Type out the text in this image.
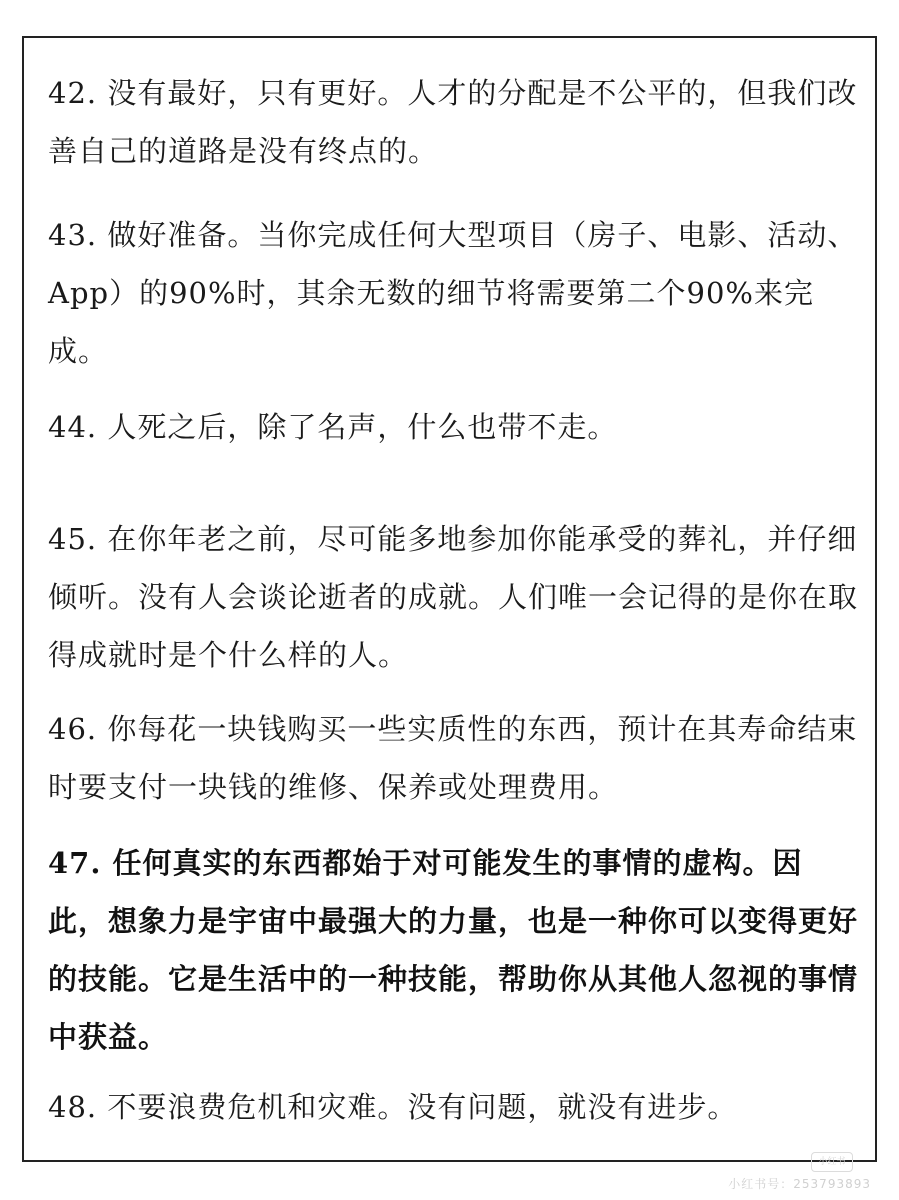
42. 没有最好，只有更好。人才的分配是不公平的，但我们改善自己的道路是没有终点的。

43. 做好准备。当你完成任何大型项目（房子、电影、活动、App）的90%时，其余无数的细节将需要第二个90%来完成。

44. 人死之后，除了名声，什么也带不走。

45. 在你年老之前，尽可能多地参加你能承受的葬礼，并仔细倾听。没有人会谈论逝者的成就。人们唯一会记得的是你在取得成就时是个什么样的人。

46. 你每花一块钱购买一些实质性的东西，预计在其寿命结束时要支付一块钱的维修、保养或处理费用。

47. 任何真实的东西都始于对可能发生的事情的虚构。因此，想象力是宇宙中最强大的力量，也是一种你可以变得更好的技能。它是生活中的一种技能，帮助你从其他人忽视的事情中获益。

48. 不要浪费危机和灾难。没有问题，就没有进步。

小红书
小红书号：253793893
